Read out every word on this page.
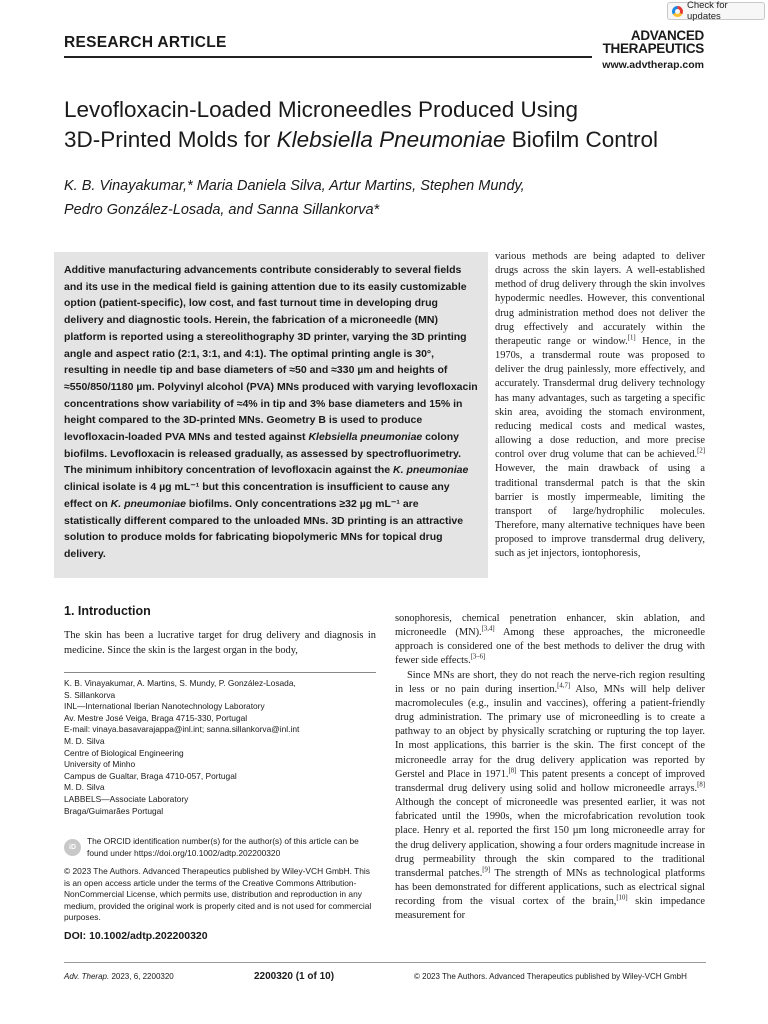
Check for updates
RESEARCH ARTICLE	ADVANCED
THERAPEUTICS
www.advtherap.com
Levofloxacin-Loaded Microneedles Produced Using
3D-Printed Molds for Klebsiella Pneumoniae Biofilm Control
K. B. Vinayakumar,* Maria Daniela Silva, Artur Martins, Stephen Mundy,
Pedro González-Losada, and Sanna Sillankorva*

Additive manufacturing advancements contribute considerably to several fields and its use in the medical field is gaining attention due to its easily customizable option (patient-specific), low cost, and fast turnout time in developing drug delivery and diagnostic tools. Herein, the fabrication of a microneedle (MN) platform is reported using a stereolithography 3D printer, varying the 3D printing angle and aspect ratio (2:1, 3:1, and 4:1). The optimal printing angle is 30°, resulting in needle tip and base diameters of ≈50 and ≈330 µm and heights of ≈550/850/1180 µm. Polyvinyl alcohol (PVA) MNs produced with varying levofloxacin concentrations show variability of ≈4% in tip and 3% base diameters and 15% in height compared to the 3D-printed MNs. Geometry B is used to produce levofloxacin-loaded PVA MNs and tested against Klebsiella pneumoniae colony biofilms. Levofloxacin is released gradually, as assessed by spectrofluorimetry. The minimum inhibitory concentration of levofloxacin against the K. pneumoniae clinical isolate is 4 µg mL⁻¹ but this concentration is insufficient to cause any effect on K. pneumoniae biofilms. Only concentrations ≥32 µg mL⁻¹ are statistically different compared to the unloaded MNs. 3D printing is an attractive solution to produce molds for fabricating biopolymeric MNs for topical drug delivery.

various methods are being adapted to deliver drugs across the skin layers. A well-established method of drug delivery through the skin involves hypodermic needles. However, this conventional drug administration method does not deliver the drug effectively and accurately within the therapeutic range or window.[1] Hence, in the 1970s, a transdermal route was proposed to deliver the drug painlessly, more effectively, and accurately. Transdermal drug delivery technology has many advantages, such as targeting a specific skin area, avoiding the stomach environment, reducing medical costs and medical wastes, allowing a dose reduction, and more precise control over drug volume that can be achieved.[2] However, the main drawback of using a traditional transdermal patch is that the skin barrier is mostly impermeable, limiting the transport of large/hydrophilic molecules. Therefore, many alternative techniques have been proposed to improve transdermal drug delivery, such as jet injectors, iontophoresis,
sonophoresis, chemical penetration enhancer, skin ablation, and microneedle (MN).[3,4] Among these approaches, the microneedle approach is considered one of the best methods to deliver the drug with fewer side effects.[3–6]
Since MNs are short, they do not reach the nerve-rich region resulting in less or no pain during insertion.[4,7] Also, MNs will help deliver macromolecules (e.g., insulin and vaccines), offering a patient-friendly drug administration. The primary use of microneedling is to create a pathway to an object by physically scratching or rupturing the top layer. In most applications, this barrier is the skin. The first concept of the microneedle array for the drug delivery application was reported by Gerstel and Place in 1971.[8] This patent presents a concept of improved transdermal drug delivery using solid and hollow microneedle arrays.[8] Although the concept of microneedle was presented earlier, it was not fabricated until the 1990s, when the microfabrication revolution took place. Henry et al. reported the first 150 µm long microneedle array for the drug delivery application, showing a four orders magnitude increase in drug permeability through the skin compared to the traditional transdermal patches.[9] The strength of MNs as technological platforms has been demonstrated for different applications, such as electrical signal recording from the visual cortex of the brain,[10] skin impedance measurement for
1. Introduction
The skin has been a lucrative target for drug delivery and diagnosis in medicine. Since the skin is the largest organ in the body,
K. B. Vinayakumar, A. Martins, S. Mundy, P. González-Losada,
S. Sillankorva
INL—International Iberian Nanotechnology Laboratory
Av. Mestre José Veiga, Braga 4715-330, Portugal
E-mail: vinaya.basavarajappa@inl.int; sanna.sillankorva@inl.int
M. D. Silva
Centre of Biological Engineering
University of Minho
Campus de Gualtar, Braga 4710-057, Portugal
M. D. Silva
LABBELS—Associate Laboratory
Braga/Guimarães Portugal
iD
The ORCID identification number(s) for the author(s) of this article can be found under https://doi.org/10.1002/adtp.202200320
© 2023 The Authors. Advanced Therapeutics published by Wiley-VCH GmbH. This is an open access article under the terms of the Creative Commons Attribution-NonCommercial License, which permits use, distribution and reproduction in any medium, provided the original work is properly cited and is not used for commercial purposes.
DOI: 10.1002/adtp.202200320
Adv. Therap. 2023, 6, 2200320	2200320 (1 of 10)	© 2023 The Authors. Advanced Therapeutics published by Wiley-VCH GmbH
